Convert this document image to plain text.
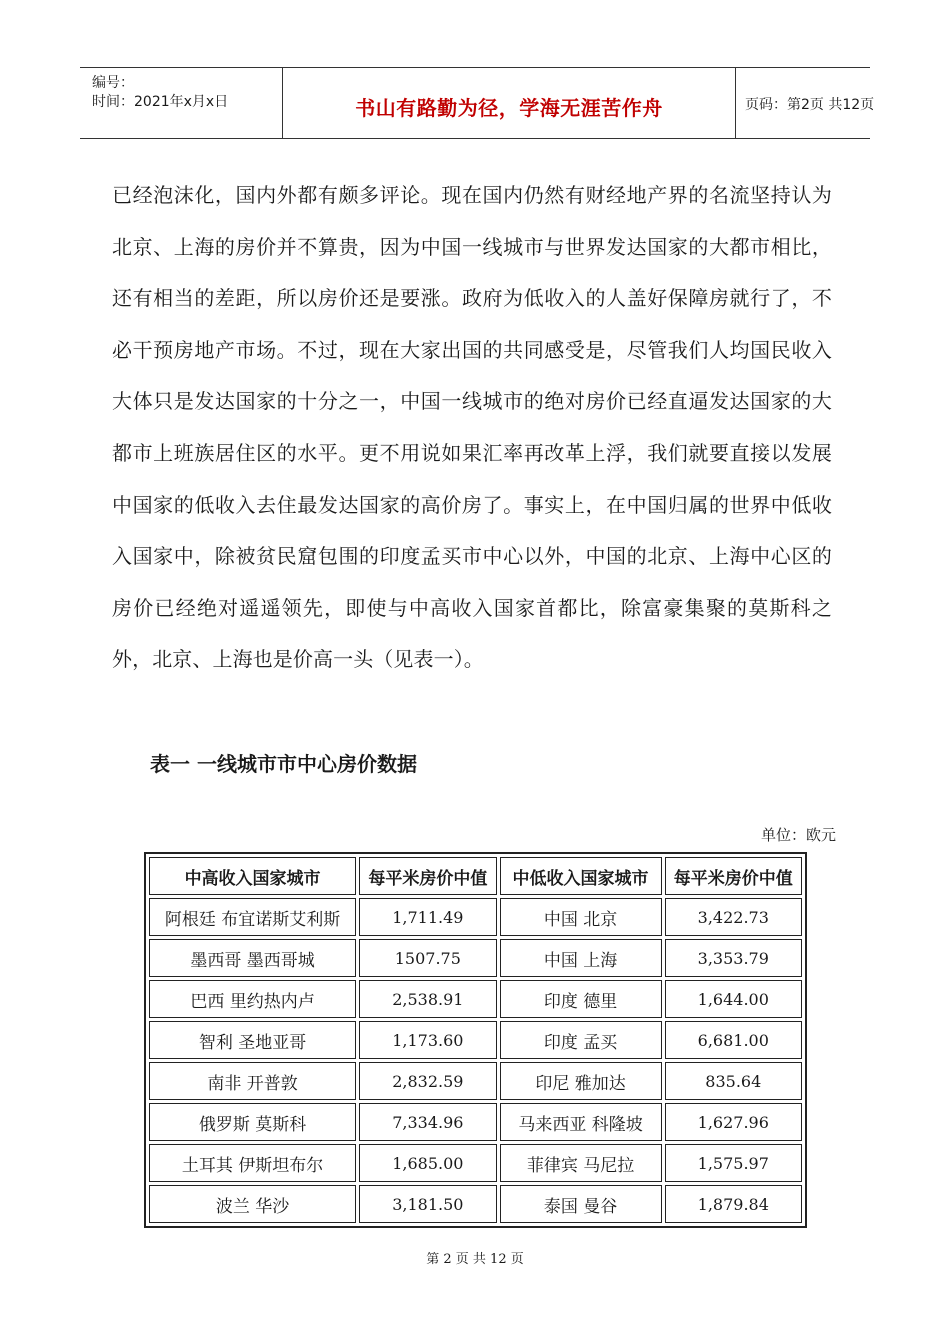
编号：
时间：2021年x月x日	书山有路勤为径，学海无涯苦作舟	页码：第2页 共12页
已经泡沫化，国内外都有颇多评论。现在国内仍然有财经地产界的名流坚持认为北京、上海的房价并不算贵，因为中国一线城市与世界发达国家的大都市相比，还有相当的差距，所以房价还是要涨。政府为低收入的人盖好保障房就行了，不必干预房地产市场。不过，现在大家出国的共同感受是，尽管我们人均国民收入大体只是发达国家的十分之一，中国一线城市的绝对房价已经直逼发达国家的大都市上班族居住区的水平。更不用说如果汇率再改革上浮，我们就要直接以发展中国家的低收入去住最发达国家的高价房了。事实上，在中国归属的世界中低收入国家中，除被贫民窟包围的印度孟买市中心以外，中国的北京、上海中心区的房价已经绝对遥遥领先，即使与中高收入国家首都比，除富豪集聚的莫斯科之外，北京、上海也是价高一头（见表一）。
表一 一线城市市中心房价数据
单位：欧元
中高收入国家城市	每平米房价中值	中低收入国家城市	每平米房价中值
阿根廷 布宜诺斯艾利斯	1,711.49	中国 北京	3,422.73
墨西哥 墨西哥城	1507.75	中国 上海	3,353.79
巴西 里约热内卢	2,538.91	印度 德里	1,644.00
智利 圣地亚哥	1,173.60	印度 孟买	6,681.00
南非 开普敦	2,832.59	印尼 雅加达	835.64
俄罗斯 莫斯科	7,334.96	马来西亚 科隆坡	1,627.96
土耳其 伊斯坦布尔	1,685.00	菲律宾 马尼拉	1,575.97
波兰 华沙	3,181.50	泰国 曼谷	1,879.84
第 2 页 共 12 页
